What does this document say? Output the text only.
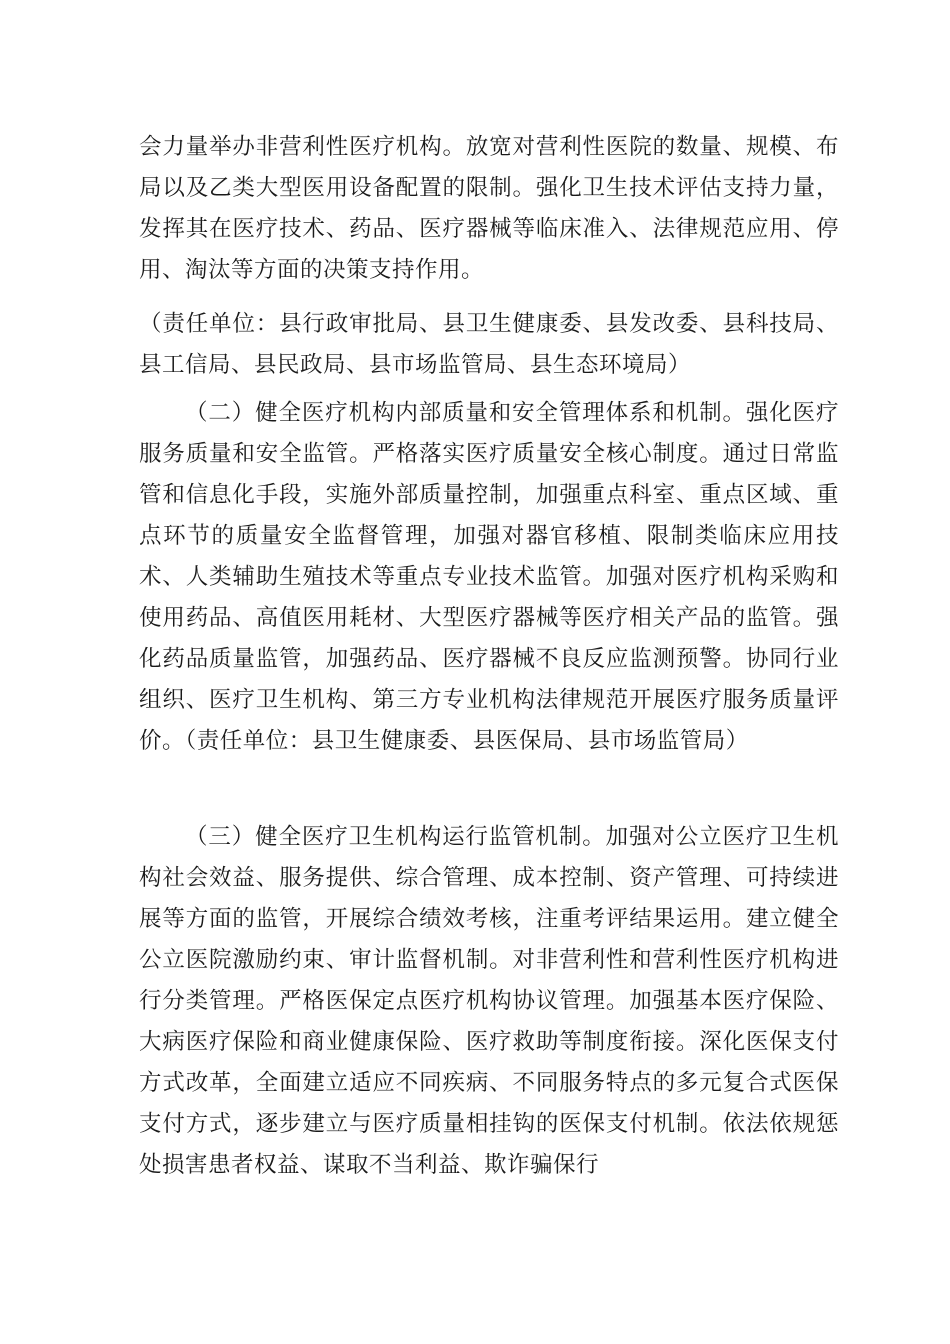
会力量举办非营利性医疗机构。放宽对营利性医院的数量、规模、布局以及乙类大型医用设备配置的限制。强化卫生技术评估支持力量，发挥其在医疗技术、药品、医疗器械等临床准入、法律规范应用、停用、淘汰等方面的决策支持作用。

（责任单位：县行政审批局、县卫生健康委、县发改委、县科技局、县工信局、县民政局、县市场监管局、县生态环境局）

（二）健全医疗机构内部质量和安全管理体系和机制。强化医疗服务质量和安全监管。严格落实医疗质量安全核心制度。通过日常监管和信息化手段，实施外部质量控制，加强重点科室、重点区域、重点环节的质量安全监督管理，加强对器官移植、限制类临床应用技术、人类辅助生殖技术等重点专业技术监管。加强对医疗机构采购和使用药品、高值医用耗材、大型医疗器械等医疗相关产品的监管。强化药品质量监管，加强药品、医疗器械不良反应监测预警。协同行业组织、医疗卫生机构、第三方专业机构法律规范开展医疗服务质量评价。（责任单位：县卫生健康委、县医保局、县市场监管局）

（三）健全医疗卫生机构运行监管机制。加强对公立医疗卫生机构社会效益、服务提供、综合管理、成本控制、资产管理、可持续进展等方面的监管，开展综合绩效考核，注重考评结果运用。建立健全公立医院激励约束、审计监督机制。对非营利性和营利性医疗机构进行分类管理。严格医保定点医疗机构协议管理。加强基本医疗保险、大病医疗保险和商业健康保险、医疗救助等制度衔接。深化医保支付方式改革，全面建立适应不同疾病、不同服务特点的多元复合式医保支付方式，逐步建立与医疗质量相挂钩的医保支付机制。依法依规惩处损害患者权益、谋取不当利益、欺诈骗保行
